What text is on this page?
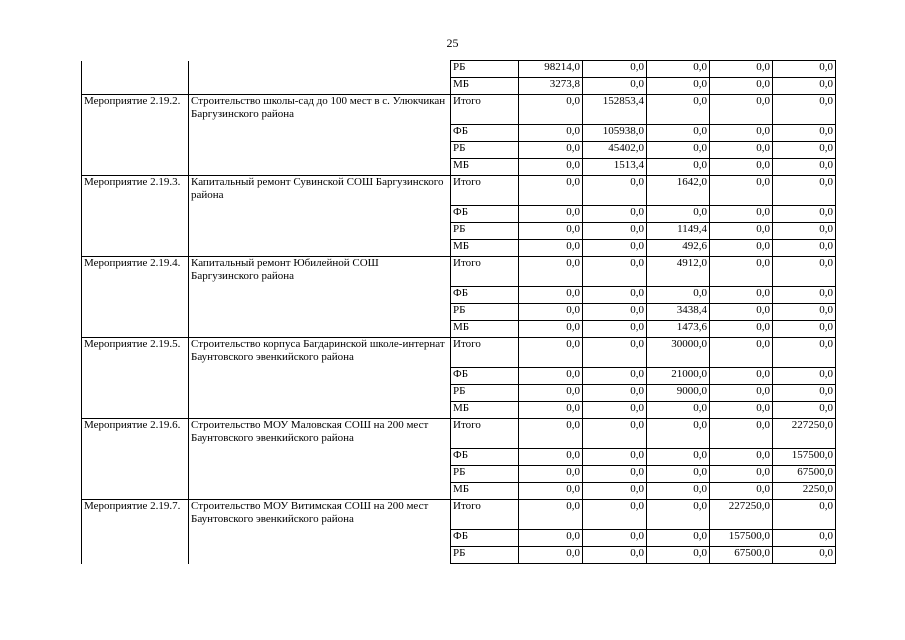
25
		РБ	98214,0	0,0	0,0	0,0	0,0
		МБ	3273,8	0,0	0,0	0,0	0,0
Мероприятие 2.19.2.	Строительство школы-сад до 100 мест в с. Улюкчикан Баргузинского района	Итого	0,0	152853,4	0,0	0,0	0,0
		ФБ	0,0	105938,0	0,0	0,0	0,0
		РБ	0,0	45402,0	0,0	0,0	0,0
		МБ	0,0	1513,4	0,0	0,0	0,0
Мероприятие 2.19.3.	Капитальный ремонт Сувинской СОШ Баргузинского района	Итого	0,0	0,0	1642,0	0,0	0,0
		ФБ	0,0	0,0	0,0	0,0	0,0
		РБ	0,0	0,0	1149,4	0,0	0,0
		МБ	0,0	0,0	492,6	0,0	0,0
Мероприятие 2.19.4.	Капитальный ремонт Юбилейной СОШ Баргузинского района	Итого	0,0	0,0	4912,0	0,0	0,0
		ФБ	0,0	0,0	0,0	0,0	0,0
		РБ	0,0	0,0	3438,4	0,0	0,0
		МБ	0,0	0,0	1473,6	0,0	0,0
Мероприятие 2.19.5.	Строительство корпуса Багдаринской школе-интернат Баунтовского эвенкийского района	Итого	0,0	0,0	30000,0	0,0	0,0
		ФБ	0,0	0,0	21000,0	0,0	0,0
		РБ	0,0	0,0	9000,0	0,0	0,0
		МБ	0,0	0,0	0,0	0,0	0,0
Мероприятие 2.19.6.	Строительство МОУ Маловская СОШ на 200 мест Баунтовского эвенкийского района	Итого	0,0	0,0	0,0	0,0	227250,0
		ФБ	0,0	0,0	0,0	0,0	157500,0
		РБ	0,0	0,0	0,0	0,0	67500,0
		МБ	0,0	0,0	0,0	0,0	2250,0
Мероприятие 2.19.7.	Строительство МОУ Витимская СОШ на 200 мест Баунтовского эвенкийского района	Итого	0,0	0,0	0,0	227250,0	0,0
		ФБ	0,0	0,0	0,0	157500,0	0,0
		РБ	0,0	0,0	0,0	67500,0	0,0
